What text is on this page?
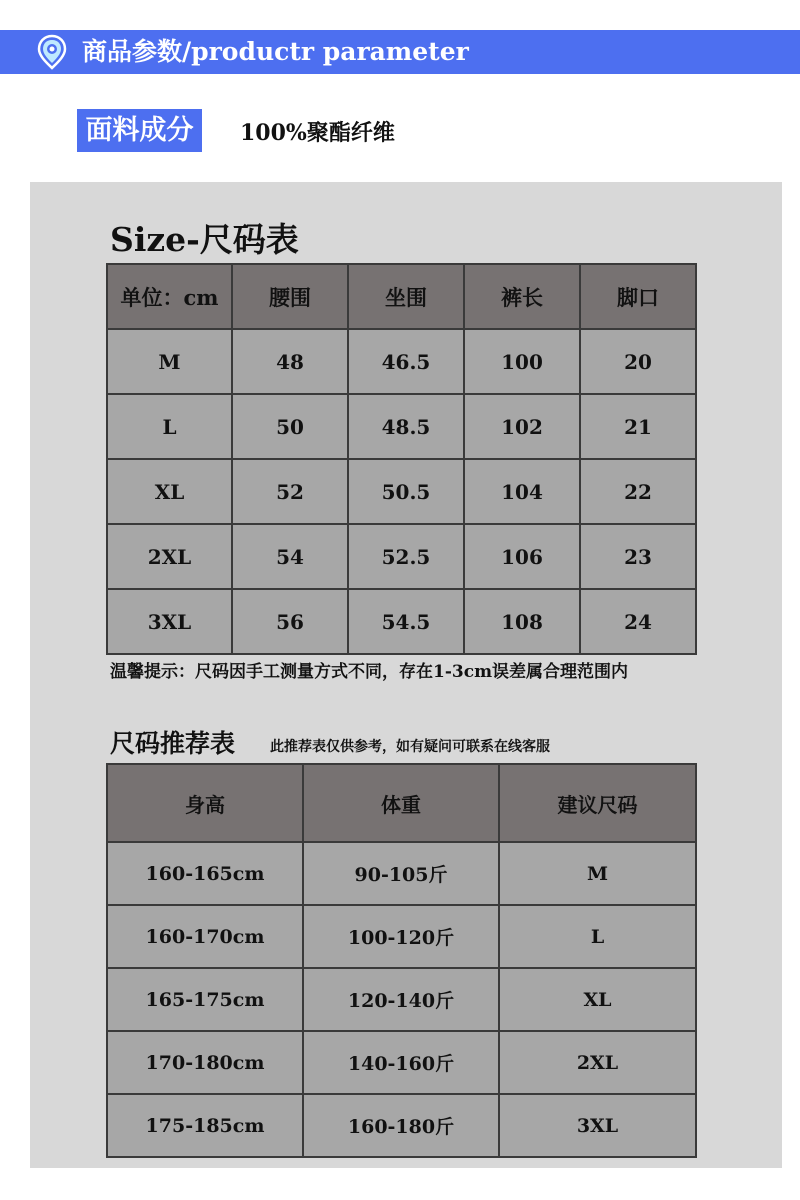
商品参数/productr parameter
面料成分	100%聚酯纤维
Size-尺码表
单位：cm	腰围	坐围	裤长	脚口
M	48	46.5	100	20
L	50	48.5	102	21
XL	52	50.5	104	22
2XL	54	52.5	106	23
3XL	56	54.5	108	24
温馨提示：尺码因手工测量方式不同，存在1-3cm误差属合理范围内
尺码推荐表 此推荐表仅供参考，如有疑问可联系在线客服
身高	体重	建议尺码
160-165cm	90-105斤	M
160-170cm	100-120斤	L
165-175cm	120-140斤	XL
170-180cm	140-160斤	2XL
175-185cm	160-180斤	3XL
